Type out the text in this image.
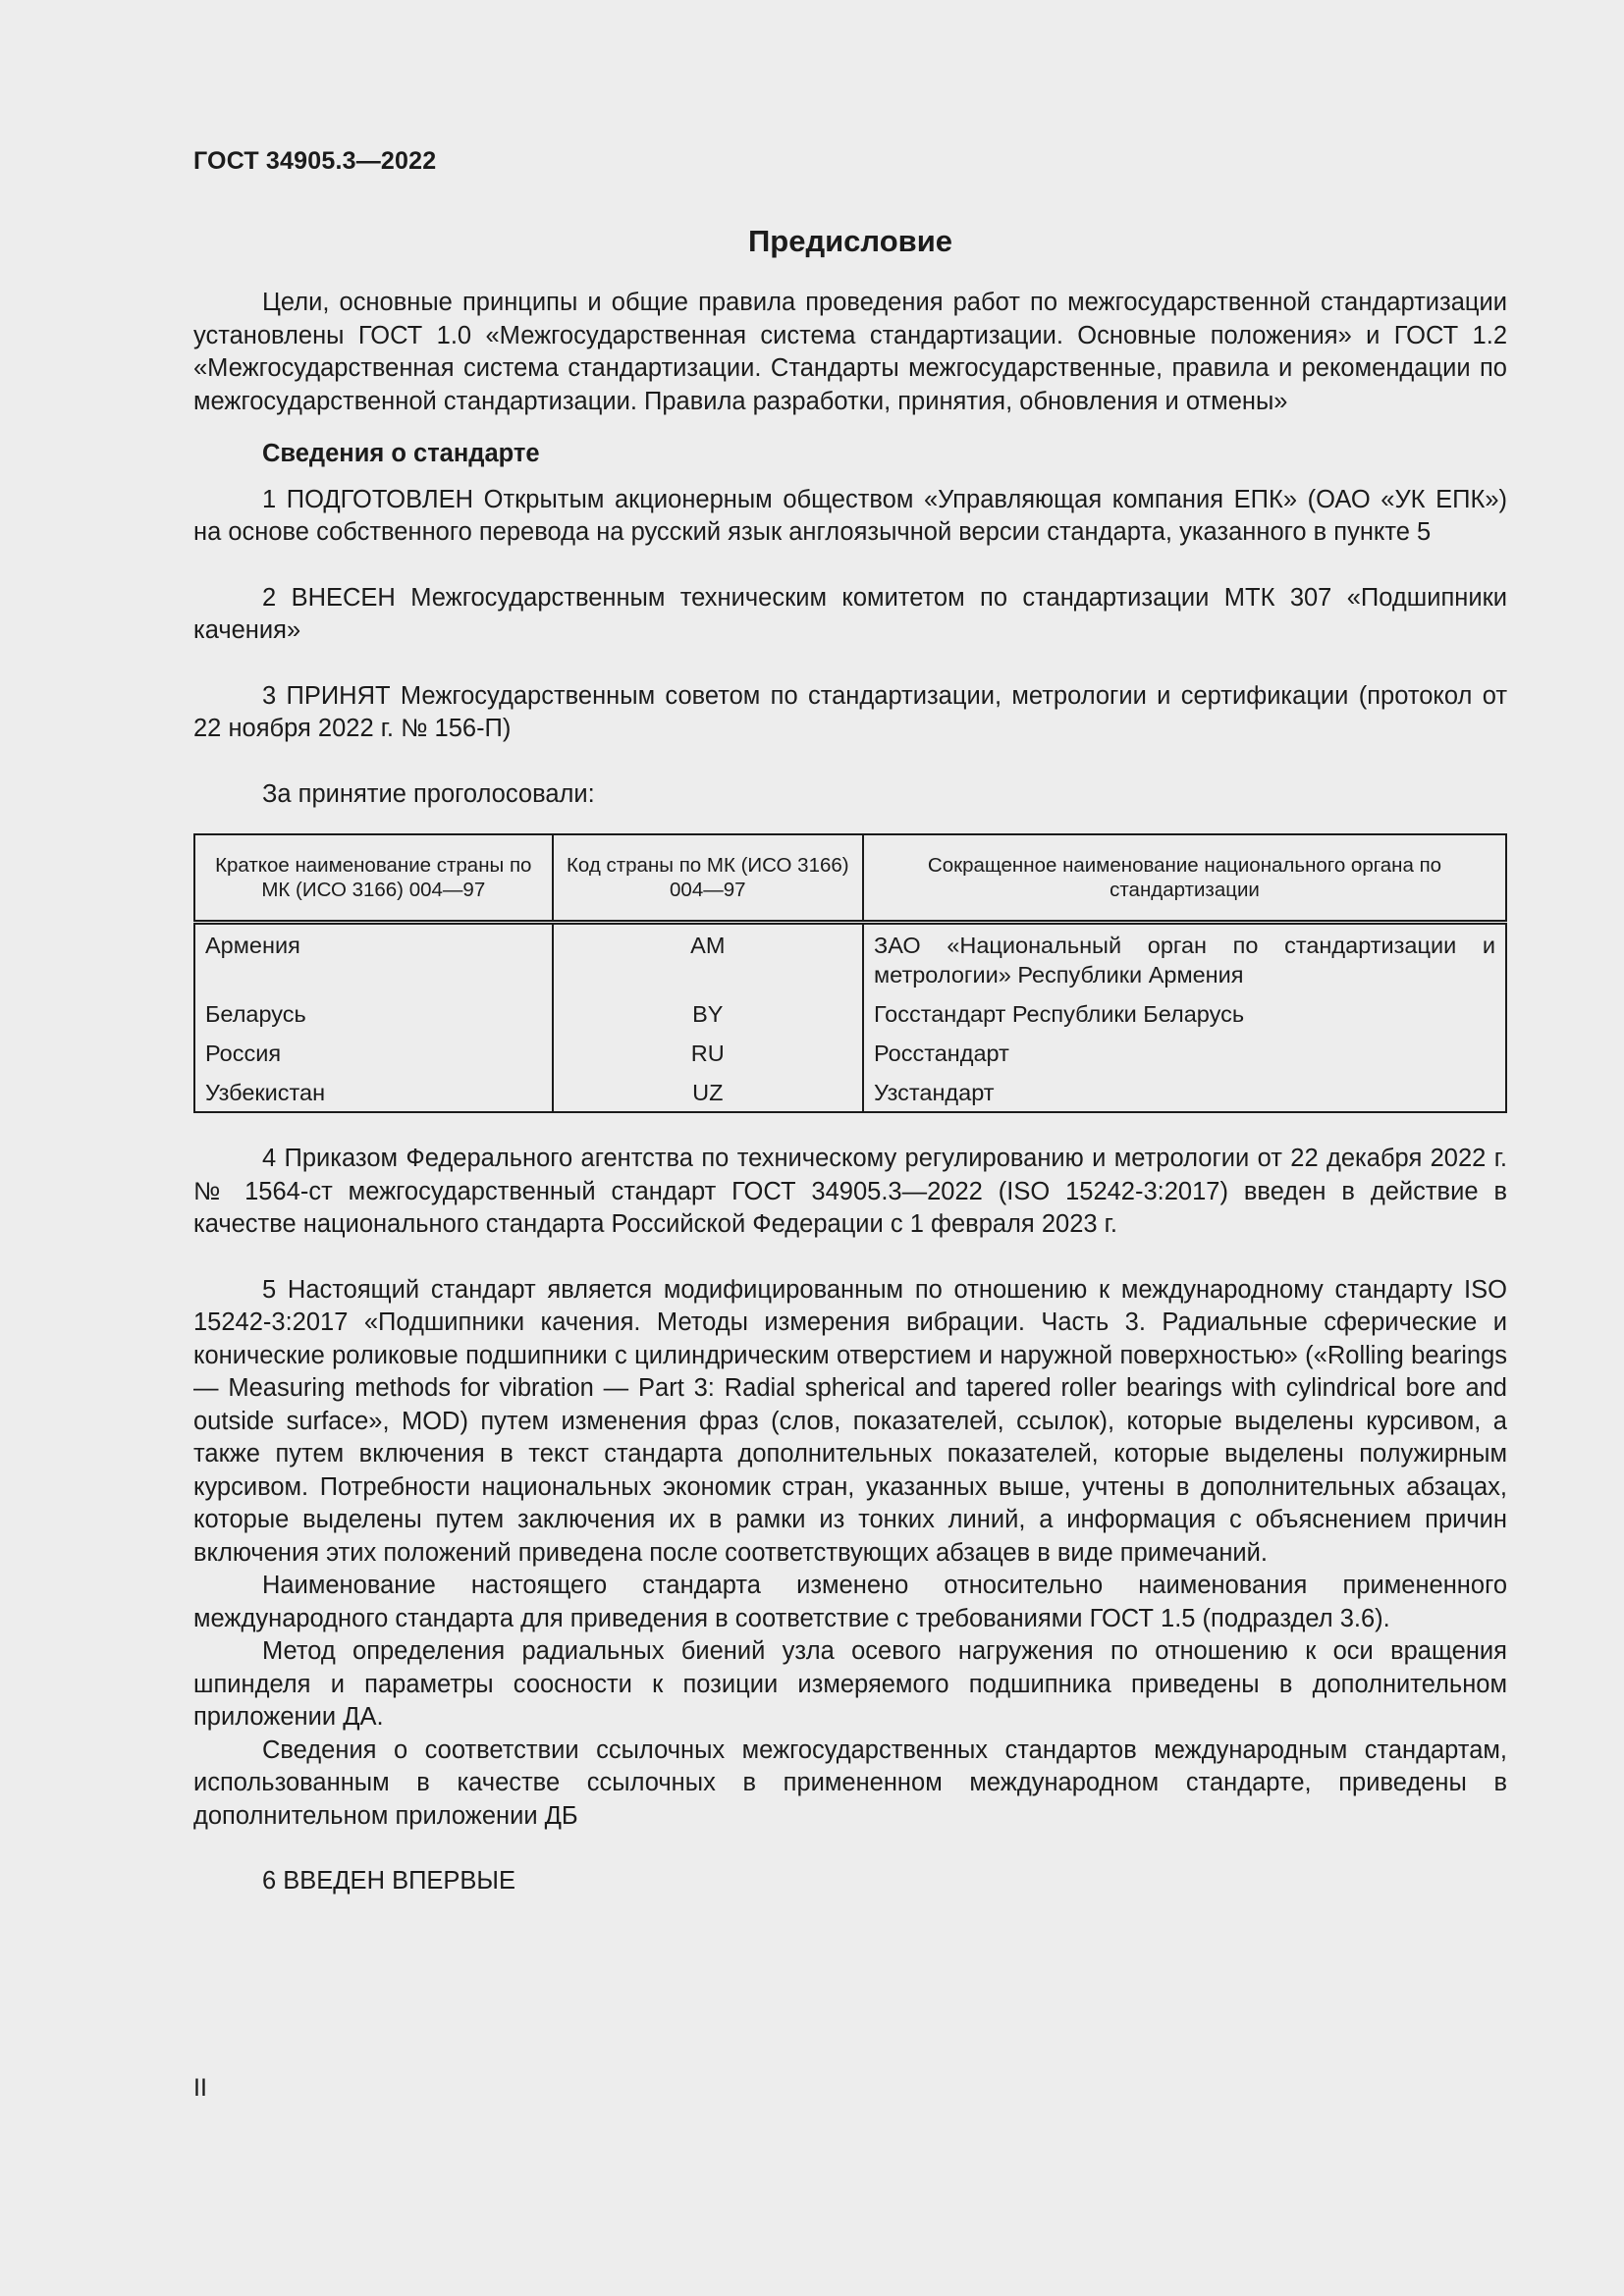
ГОСТ 34905.3—2022
Предисловие

Цели, основные принципы и общие правила проведения работ по межгосударственной стандартизации установлены ГОСТ 1.0 «Межгосударственная система стандартизации. Основные положения» и ГОСТ 1.2 «Межгосударственная система стандартизации. Стандарты межгосударственные, правила и рекомендации по межгосударственной стандартизации. Правила разработки, принятия, обновления и отмены»

Сведения о стандарте

1 ПОДГОТОВЛЕН Открытым акционерным обществом «Управляющая компания ЕПК» (ОАО «УК ЕПК») на основе собственного перевода на русский язык англоязычной версии стандарта, указанного в пункте 5

2 ВНЕСЕН Межгосударственным техническим комитетом по стандартизации МТК 307 «Подшипники качения»

3 ПРИНЯТ Межгосударственным советом по стандартизации, метрологии и сертификации (протокол от 22 ноября 2022 г. № 156-П)

За принятие проголосовали:

Краткое наименование страны по МК (ИСО 3166) 004—97	Код страны по МК (ИСО 3166) 004—97	Сокращенное наименование национального органа по стандартизации
Армения	AM	ЗАО «Национальный орган по стандартизации и метрологии» Республики Армения
Беларусь	BY	Госстандарт Республики Беларусь
Россия	RU	Росстандарт
Узбекистан	UZ	Узстандарт

4 Приказом Федерального агентства по техническому регулированию и метрологии от 22 декабря 2022 г. № 1564-ст межгосударственный стандарт ГОСТ 34905.3—2022 (ISO 15242-3:2017) введен в действие в качестве национального стандарта Российской Федерации с 1 февраля 2023 г.

5 Настоящий стандарт является модифицированным по отношению к международному стандарту ISO 15242-3:2017 «Подшипники качения. Методы измерения вибрации. Часть 3. Радиальные сферические и конические роликовые подшипники с цилиндрическим отверстием и наружной поверхностью» («Rolling bearings — Measuring methods for vibration — Part 3: Radial spherical and tapered roller bearings with cylindrical bore and outside surface», MOD) путем изменения фраз (слов, показателей, ссылок), которые выделены курсивом, а также путем включения в текст стандарта дополнительных показателей, которые выделены полужирным курсивом. Потребности национальных экономик стран, указанных выше, учтены в дополнительных абзацах, которые выделены путем заключения их в рамки из тонких линий, а информация с объяснением причин включения этих положений приведена после соответствующих абзацев в виде примечаний.

Наименование настоящего стандарта изменено относительно наименования примененного международного стандарта для приведения в соответствие с требованиями ГОСТ 1.5 (подраздел 3.6).

Метод определения радиальных биений узла осевого нагружения по отношению к оси вращения шпинделя и параметры соосности к позиции измеряемого подшипника приведены в дополнительном приложении ДА.

Сведения о соответствии ссылочных межгосударственных стандартов международным стандартам, использованным в качестве ссылочных в примененном международном стандарте, приведены в дополнительном приложении ДБ

6 ВВЕДЕН ВПЕРВЫЕ

II
